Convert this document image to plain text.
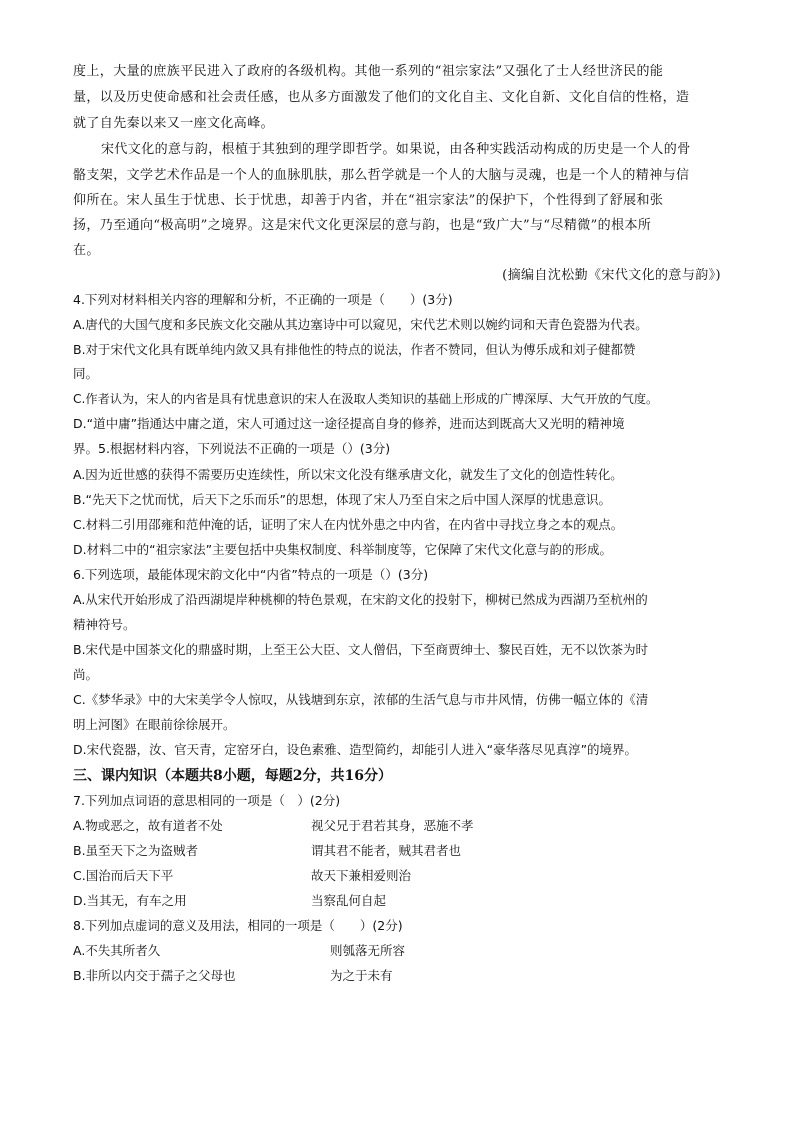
度上，大量的庶族平民进入了政府的各级机构。其他一系列的“祖宗家法”又强化了士人经世济民的能
量，以及历史使命感和社会责任感，也从多方面激发了他们的文化自主、文化自新、文化自信的性格，造
就了自先秦以来又一座文化高峰。
宋代文化的意与韵，根植于其独到的理学即哲学。如果说，由各种实践活动构成的历史是一个人的骨
骼支架，文学艺术作品是一个人的血脉肌肤，那么哲学就是一个人的大脑与灵魂，也是一个人的精神与信
仰所在。宋人虽生于忧患、长于忧患，却善于内省，并在“祖宗家法”的保护下，个性得到了舒展和张
扬，乃至通向“极高明”之境界。这是宋代文化更深层的意与韵，也是“致广大”与“尽精微”的根本所
在。
(摘编自沈松勤《宋代文化的意与韵》)
4.下列对材料相关内容的理解和分析，不正确的一项是（　　）(3分)
A.唐代的大国气度和多民族文化交融从其边塞诗中可以窥见，宋代艺术则以婉约词和天青色瓷器为代表。
B.对于宋代文化具有既单纯内敛又具有排他性的特点的说法，作者不赞同，但认为傅乐成和刘子健都赞
同。
C.作者认为，宋人的内省是具有忧患意识的宋人在汲取人类知识的基础上形成的广博深厚、大气开放的气度。
D.“道中庸”指通达中庸之道，宋人可通过这一途径提高自身的修养，进而达到既高大又光明的精神境
界。5.根据材料内容，下列说法不正确的一项是（）(3分)
A.因为近世感的获得不需要历史连续性，所以宋文化没有继承唐文化，就发生了文化的创造性转化。
B.“先天下之忧而忧，后天下之乐而乐”的思想，体现了宋人乃至自宋之后中国人深厚的忧患意识。
C.材料二引用邵雍和范仲淹的话，证明了宋人在内忧外患之中内省，在内省中寻找立身之本的观点。
D.材料二中的“祖宗家法”主要包括中央集权制度、科举制度等，它保障了宋代文化意与韵的形成。
6.下列选项，最能体现宋韵文化中“内省”特点的一项是（）(3分)
A.从宋代开始形成了沿西湖堤岸种桃柳的特色景观，在宋韵文化的投射下，柳树已然成为西湖乃至杭州的
精神符号。
B.宋代是中国茶文化的鼎盛时期，上至王公大臣、文人僧侣，下至商贾绅士、黎民百姓，无不以饮茶为时
尚。
C.《梦华录》中的大宋美学令人惊叹，从钱塘到东京，浓郁的生活气息与市井风情，仿佛一幅立体的《清
明上河图》在眼前徐徐展开。
D.宋代瓷器，汝、官天青，定窑牙白，设色素雅、造型简约，却能引人进入“豪华落尽见真淳”的境界。
三、课内知识（本题共8小题，每题2分，共16分）
7.下列加点词语的意思相同的一项是（　）(2分)
A.物或恶之，故有道者不处	视父兄于君若其身，恶施不孝
B.虽至天下之为盗贼者	谓其君不能者，贼其君者也
C.国治而后天下平	故天下兼相爱则治
D.当其无，有车之用	当察乱何自起
8.下列加点虚词的意义及用法，相同的一项是（　　）(2分)
A.不失其所者久	则瓠落无所容
B.非所以内交于孺子之父母也	为之于未有
